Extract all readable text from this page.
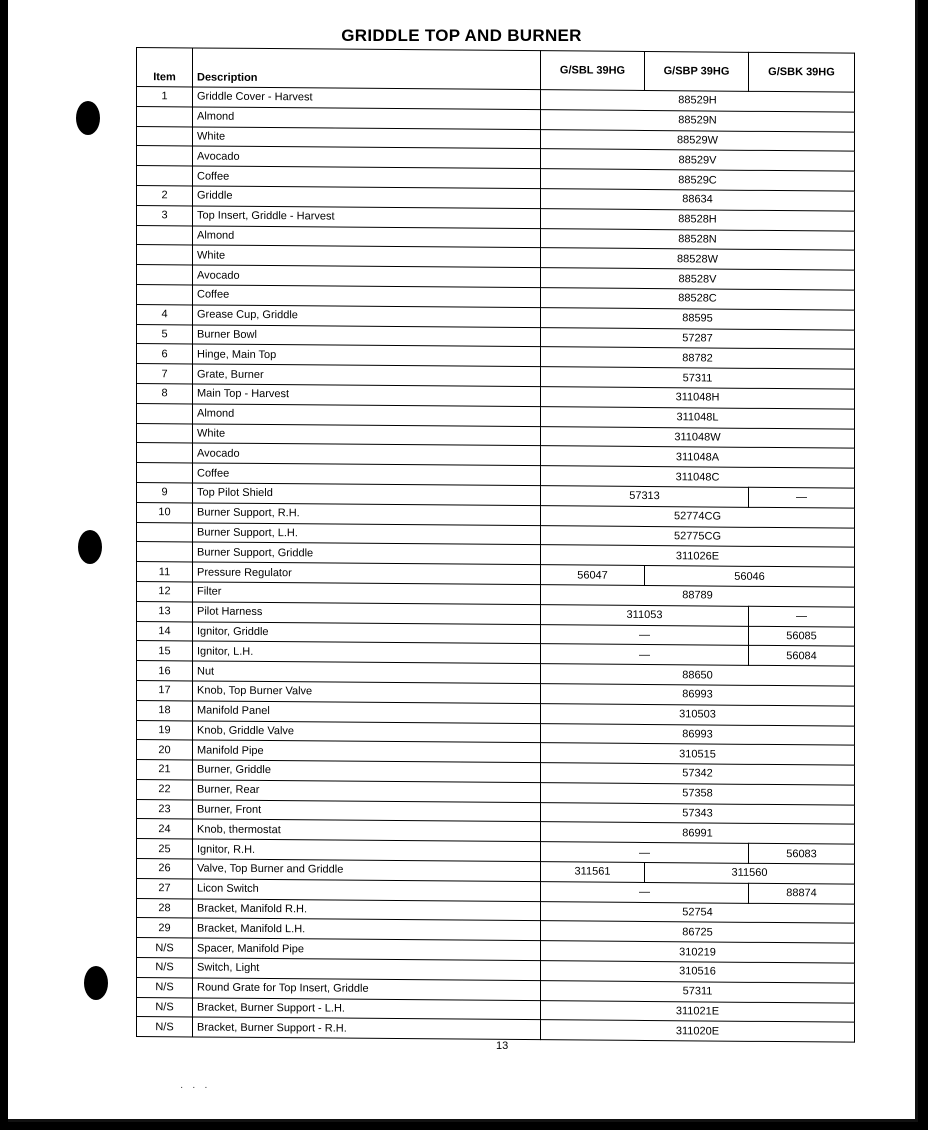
GRIDDLE TOP AND BURNER
Item	Description	G/SBL 39HG	G/SBP 39HG	G/SBK 39HG
1	Griddle Cover - Harvest	88529H		
	Almond	88529N		
	White	88529W		
	Avocado	88529V		
	Coffee	88529C		
2	Griddle	88634		
3	Top Insert, Griddle - Harvest	88528H		
	Almond	88528N		
	White	88528W		
	Avocado	88528V		
	Coffee	88528C		
4	Grease Cup, Griddle	88595		
5	Burner Bowl	57287		
6	Hinge, Main Top	88782		
7	Grate, Burner	57311		
8	Main Top - Harvest	311048H		
	Almond	311048L		
	White	311048W		
	Avocado	311048A		
	Coffee	311048C		
9	Top Pilot Shield	57313		—
10	Burner Support, R.H.	52774CG		
	Burner Support, L.H.	52775CG		
	Burner Support, Griddle	311026E		
11	Pressure Regulator	56047	56046	
12	Filter	88789		
13	Pilot Harness	311053		—
14	Ignitor, Griddle	—		56085
15	Ignitor, L.H.	—		56084
16	Nut	88650		
17	Knob, Top Burner Valve	86993		
18	Manifold Panel	310503		
19	Knob, Griddle Valve	86993		
20	Manifold Pipe	310515		
21	Burner, Griddle	57342		
22	Burner, Rear	57358		
23	Burner, Front	57343		
24	Knob, thermostat	86991		
25	Ignitor, R.H.	—		56083
26	Valve, Top Burner and Griddle	311561	311560	
27	Licon Switch	—		88874
28	Bracket, Manifold R.H.	52754		
29	Bracket, Manifold L.H.	86725		
N/S	Spacer, Manifold Pipe	310219		
N/S	Switch, Light	310516		
N/S	Round Grate for Top Insert, Griddle	57311		
N/S	Bracket, Burner Support - L.H.	311021E		
N/S	Bracket, Burner Support - R.H.	311020E		
13
· · ·
